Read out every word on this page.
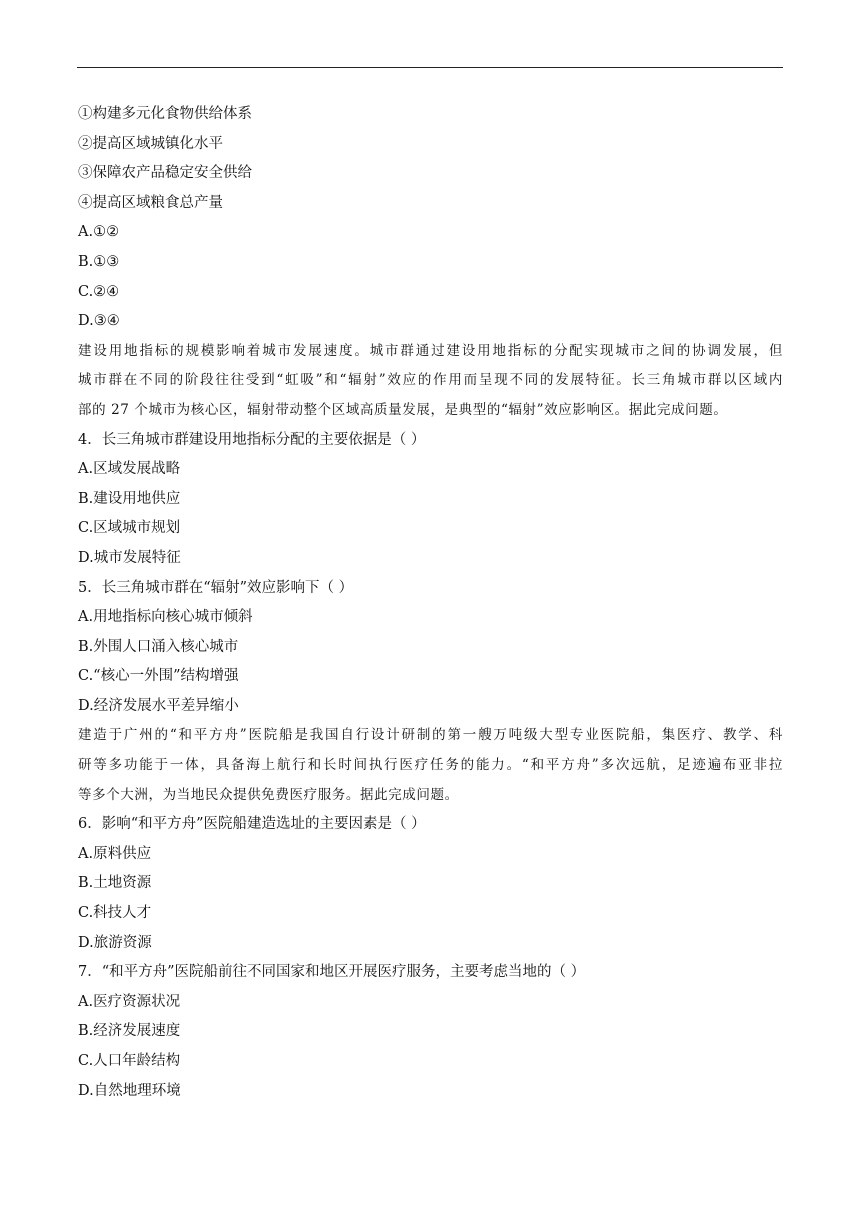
①构建多元化食物供给体系
②提高区域城镇化水平
③保障农产品稳定安全供给
④提高区域粮食总产量
A.①②
B.①③
C.②④
D.③④
建设用地指标的规模影响着城市发展速度。城市群通过建设用地指标的分配实现城市之间的协调发展，但
城市群在不同的阶段往往受到“虹吸”和“辐射”效应的作用而呈现不同的发展特征。长三角城市群以区域内
部的 27 个城市为核心区，辐射带动整个区域高质量发展，是典型的“辐射”效应影响区。据此完成问题。
4．长三角城市群建设用地指标分配的主要依据是（ ）
A.区域发展战略
B.建设用地供应
C.区域城市规划
D.城市发展特征
5．长三角城市群在“辐射”效应影响下（ ）
A.用地指标向核心城市倾斜
B.外围人口涌入核心城市
C.“核心一外围”结构增强
D.经济发展水平差异缩小
建造于广州的“和平方舟”医院船是我国自行设计研制的第一艘万吨级大型专业医院船，集医疗、教学、科
研等多功能于一体，具备海上航行和长时间执行医疗任务的能力。“和平方舟”多次远航，足迹遍布亚非拉
等多个大洲，为当地民众提供免费医疗服务。据此完成问题。
6．影响“和平方舟”医院船建造选址的主要因素是（ ）
A.原料供应
B.土地资源
C.科技人才
D.旅游资源
7．“和平方舟”医院船前往不同国家和地区开展医疗服务，主要考虑当地的（ ）
A.医疗资源状况
B.经济发展速度
C.人口年龄结构
D.自然地理环境
